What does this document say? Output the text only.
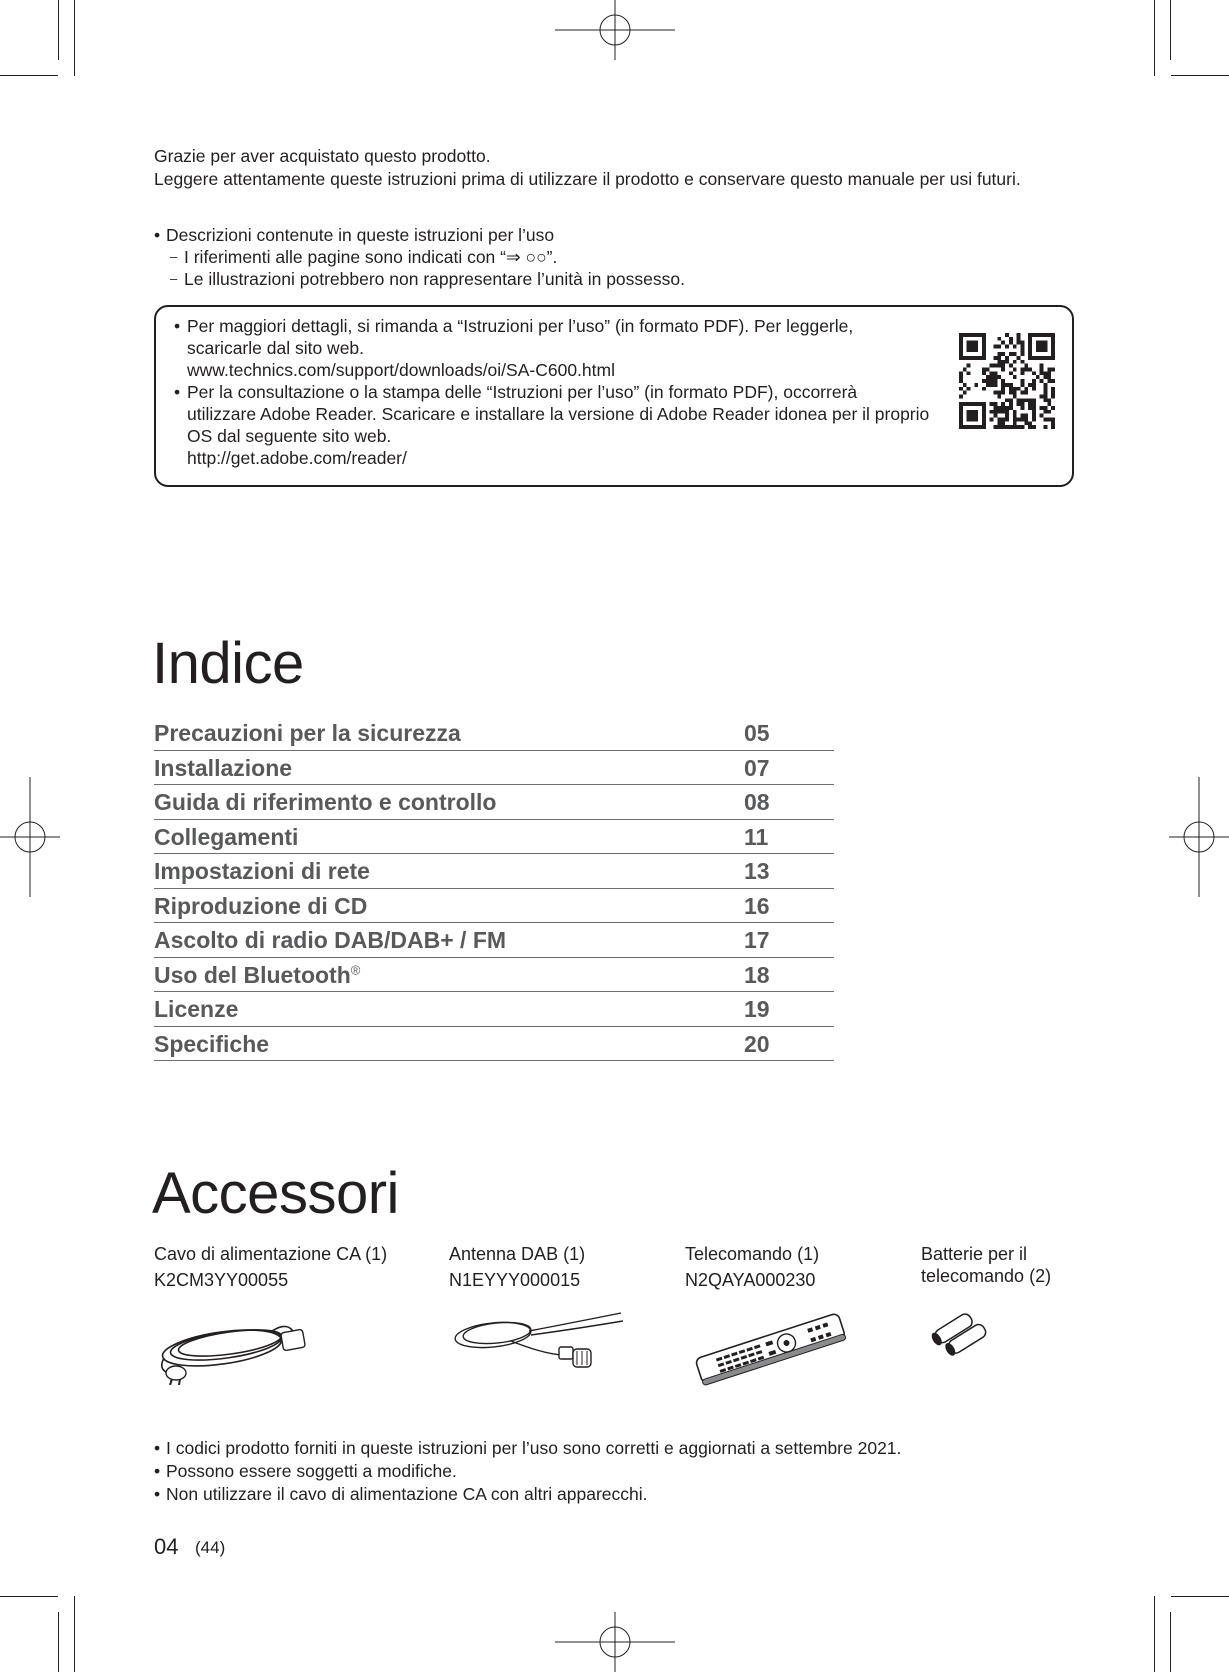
Grazie per aver acquistato questo prodotto.

Leggere attentamente queste istruzioni prima di utilizzare il prodotto e conservare questo manuale per usi futuri.

• Descrizioni contenute in queste istruzioni per l’uso

– I riferimenti alle pagine sono indicati con “⇒ ○○”.

– Le illustrazioni potrebbero non rappresentare l’unità in possesso.

• Per maggiori dettagli, si rimanda a “Istruzioni per l’uso” (in formato PDF). Per leggerle, scaricarle dal sito web.

www.technics.com/support/downloads/oi/SA-C600.html

• Per la consultazione o la stampa delle “Istruzioni per l’uso” (in formato PDF), occorrerà utilizzare Adobe Reader. Scaricare e installare la versione di Adobe Reader idonea per il proprio OS dal seguente sito web.

http://get.adobe.com/reader/

Indice
Precauzioni per la sicurezza	05
Installazione	07
Guida di riferimento e controllo	08
Collegamenti	11
Impostazioni di rete	13
Riproduzione di CD	16
Ascolto di radio DAB/DAB+ / FM	17
Uso del Bluetooth®	18
Licenze	19
Specifiche	20
Accessori
Cavo di alimentazione CA (1)
K2CM3YY00055
Antenna DAB (1)
N1EYYY000015
Telecomando (1)
N2QAYA000230
Batterie per il
telecomando (2)

• I codici prodotto forniti in queste istruzioni per l’uso sono corretti e aggiornati a settembre 2021.

• Possono essere soggetti a modifiche.

• Non utilizzare il cavo di alimentazione CA con altri apparecchi.

04 (44)
